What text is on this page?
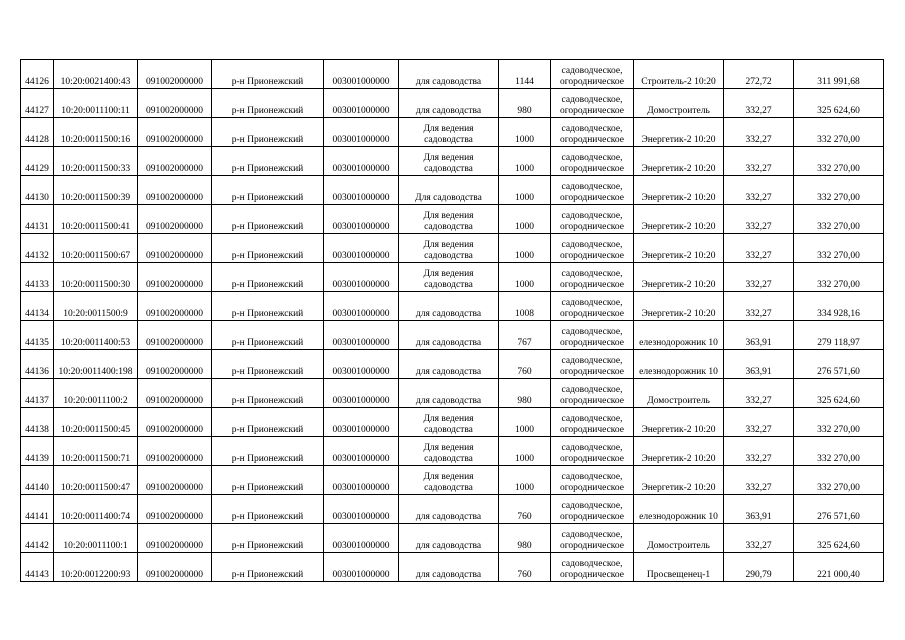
44126	10:20:0021400:43	091002000000	р-н Прионежский	003001000000	для садоводства	1144	садоводческое,
огородническое	Строитель-2 10:20	272,72	311 991,68
44127	10:20:0011100:11	091002000000	р-н Прионежский	003001000000	для садоводства	980	садоводческое,
огородническое	Домостроитель	332,27	325 624,60
44128	10:20:0011500:16	091002000000	р-н Прионежский	003001000000	Для ведения
садоводства	1000	садоводческое,
огородническое	Энергетик-2 10:20	332,27	332 270,00
44129	10:20:0011500:33	091002000000	р-н Прионежский	003001000000	Для ведения
садоводства	1000	садоводческое,
огородническое	Энергетик-2 10:20	332,27	332 270,00
44130	10:20:0011500:39	091002000000	р-н Прионежский	003001000000	Для садоводства	1000	садоводческое,
огородническое	Энергетик-2 10:20	332,27	332 270,00
44131	10:20:0011500:41	091002000000	р-н Прионежский	003001000000	Для ведения
садоводства	1000	садоводческое,
огородническое	Энергетик-2 10:20	332,27	332 270,00
44132	10:20:0011500:67	091002000000	р-н Прионежский	003001000000	Для ведения
садоводства	1000	садоводческое,
огородническое	Энергетик-2 10:20	332,27	332 270,00
44133	10:20:0011500:30	091002000000	р-н Прионежский	003001000000	Для ведения
садоводства	1000	садоводческое,
огородническое	Энергетик-2 10:20	332,27	332 270,00
44134	10:20:0011500:9	091002000000	р-н Прионежский	003001000000	для садоводства	1008	садоводческое,
огородническое	Энергетик-2 10:20	332,27	334 928,16
44135	10:20:0011400:53	091002000000	р-н Прионежский	003001000000	для садоводства	767	садоводческое,
огородническое	елезнодорожник 10	363,91	279 118,97
44136	10:20:0011400:198	091002000000	р-н Прионежский	003001000000	для садоводства	760	садоводческое,
огородническое	елезнодорожник 10	363,91	276 571,60
44137	10:20:0011100:2	091002000000	р-н Прионежский	003001000000	для садоводства	980	садоводческое,
огородническое	Домостроитель	332,27	325 624,60
44138	10:20:0011500:45	091002000000	р-н Прионежский	003001000000	Для ведения
садоводства	1000	садоводческое,
огородническое	Энергетик-2 10:20	332,27	332 270,00
44139	10:20:0011500:71	091002000000	р-н Прионежский	003001000000	Для ведения
садоводства	1000	садоводческое,
огородническое	Энергетик-2 10:20	332,27	332 270,00
44140	10:20:0011500:47	091002000000	р-н Прионежский	003001000000	Для ведения
садоводства	1000	садоводческое,
огородническое	Энергетик-2 10:20	332,27	332 270,00
44141	10:20:0011400:74	091002000000	р-н Прионежский	003001000000	для садоводства	760	садоводческое,
огородническое	елезнодорожник 10	363,91	276 571,60
44142	10:20:0011100:1	091002000000	р-н Прионежский	003001000000	для садоводства	980	садоводческое,
огородническое	Домостроитель	332,27	325 624,60
44143	10:20:0012200:93	091002000000	р-н Прионежский	003001000000	для садоводства	760	садоводческое,
огородническое	Просвещенец-1	290,79	221 000,40
